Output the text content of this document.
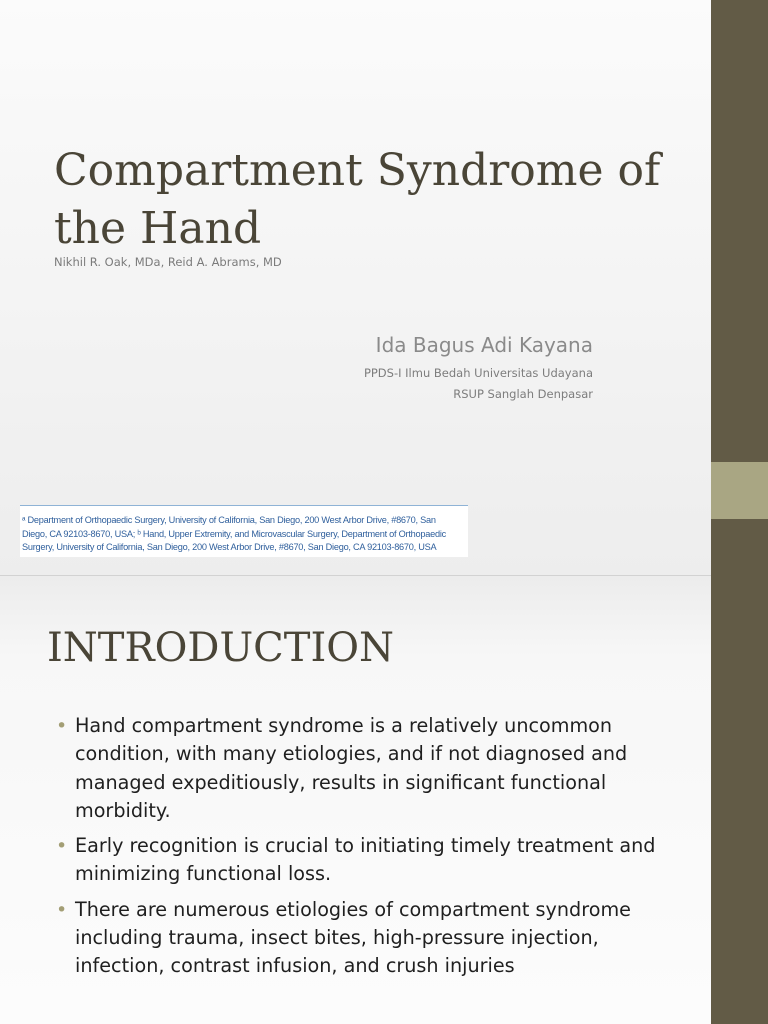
Compartment Syndrome of
the Hand
Nikhil R. Oak, MDa, Reid A. Abrams, MD
Ida Bagus Adi Kayana
PPDS-I Ilmu Bedah Universitas Udayana
RSUP Sanglah Denpasar

ᵃ Department of Orthopaedic Surgery, University of California, San Diego, 200 West Arbor Drive, #8670, San

Diego, CA 92103-8670, USA; ᵇ Hand, Upper Extremity, and Microvascular Surgery, Department of Orthopaedic

Surgery, University of California, San Diego, 200 West Arbor Drive, #8670, San Diego, CA 92103-8670, USA

INTRODUCTION
• Hand compartment syndrome is a relatively uncommon condition, with many etiologies, and if not diagnosed and managed expeditiously, results in significant functional morbidity.
• Early recognition is crucial to initiating timely treatment and minimizing functional loss.
• There are numerous etiologies of compartment syndrome including trauma, insect bites, high-pressure injection, infection, contrast infusion, and crush injuries
